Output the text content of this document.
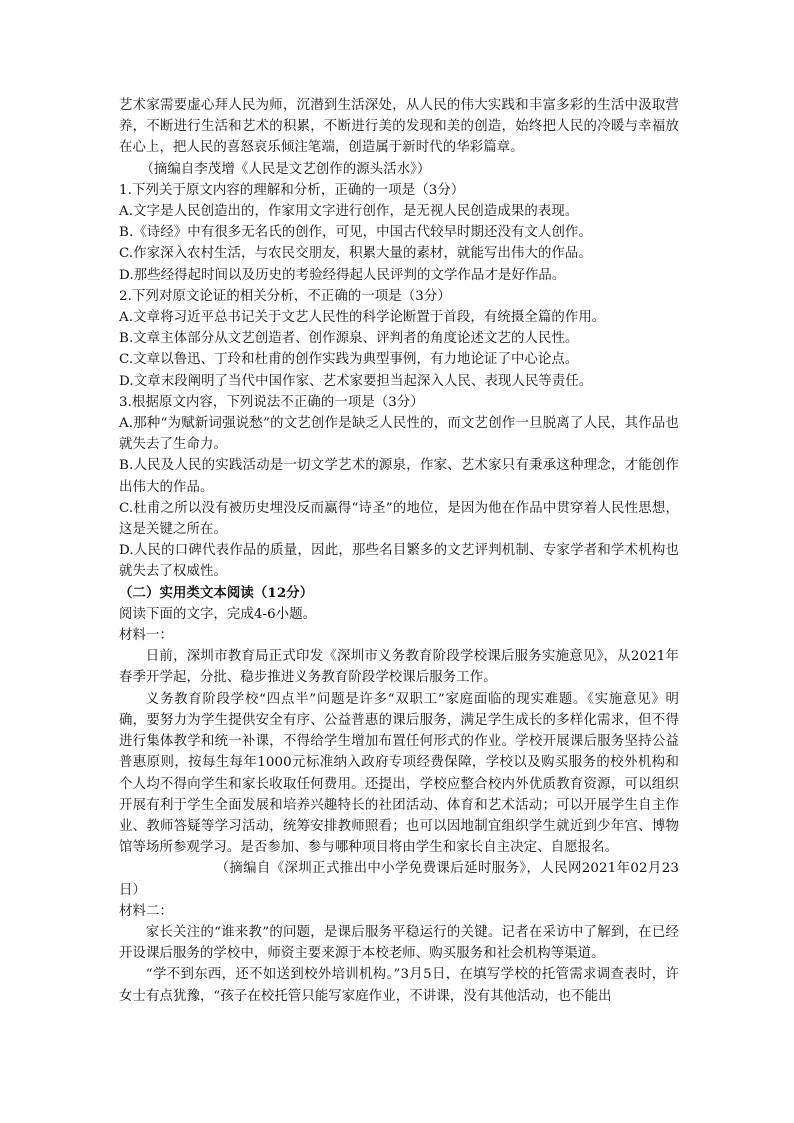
艺术家需要虚心拜人民为师，沉潜到生活深处，从人民的伟大实践和丰富多彩的生活中汲取营养，不断进行生活和艺术的积累，不断进行美的发现和美的创造，始终把人民的冷暖与幸福放在心上，把人民的喜怒哀乐倾注笔端，创造属于新时代的华彩篇章。

（摘编自李茂增《人民是文艺创作的源头活水》）

1.下列关于原文内容的理解和分析，正确的一项是（3分）

A.文字是人民创造出的，作家用文字进行创作，是无视人民创造成果的表现。

B.《诗经》中有很多无名氏的创作，可见，中国古代较早时期还没有文人创作。

C.作家深入农村生活，与农民交朋友，积累大量的素材，就能写出伟大的作品。

D.那些经得起时间以及历史的考验经得起人民评判的文学作品才是好作品。

2.下列对原文论证的相关分析，不正确的一项是（3分）

A.文章将习近平总书记关于文艺人民性的科学论断置于首段，有统摄全篇的作用。

B.文章主体部分从文艺创造者、创作源泉、评判者的角度论述文艺的人民性。

C.文章以鲁迅、丁玲和杜甫的创作实践为典型事例，有力地论证了中心论点。

D.文章末段阐明了当代中国作家、艺术家要担当起深入人民、表现人民等责任。

3.根据原文内容，下列说法不正确的一项是（3分）

A.那种“为赋新词强说愁”的文艺创作是缺乏人民性的，而文艺创作一旦脱离了人民，其作品也就失去了生命力。

B.人民及人民的实践活动是一切文学艺术的源泉，作家、艺术家只有秉承这种理念，才能创作出伟大的作品。

C.杜甫之所以没有被历史埋没反而赢得“诗圣”的地位，是因为他在作品中贯穿着人民性思想，这是关键之所在。

D.人民的口碑代表作品的质量，因此，那些名目繁多的文艺评判机制、专家学者和学术机构也就失去了权威性。

（二）实用类文本阅读（12分）

阅读下面的文字，完成4-6小题。

材料一：

日前，深圳市教育局正式印发《深圳市义务教育阶段学校课后服务实施意见》，从2021年春季开学起，分批、稳步推进义务教育阶段学校课后服务工作。

义务教育阶段学校“四点半”问题是许多“双职工”家庭面临的现实难题。《实施意见》明确，要努力为学生提供安全有序、公益普惠的课后服务，满足学生成长的多样化需求，但不得进行集体教学和统一补课，不得给学生增加布置任何形式的作业。学校开展课后服务坚持公益普惠原则，按每生每年1000元标准纳入政府专项经费保障，学校以及购买服务的校外机构和个人均不得向学生和家长收取任何费用。还提出，学校应整合校内外优质教育资源，可以组织开展有利于学生全面发展和培养兴趣特长的社团活动、体育和艺术活动；可以开展学生自主作业、教师答疑等学习活动，统筹安排教师照看；也可以因地制宜组织学生就近到少年宫、博物馆等场所参观学习。是否参加、参与哪种项目将由学生和家长自主决定、自愿报名。

（摘编自《深圳正式推出中小学免费课后延时服务》，人民网2021年02月23日）

材料二：

家长关注的“谁来教”的问题，是课后服务平稳运行的关键。记者在采访中了解到，在已经开设课后服务的学校中，师资主要来源于本校老师、购买服务和社会机构等渠道。

“学不到东西，还不如送到校外培训机构。”3月5日，在填写学校的托管需求调查表时，许女士有点犹豫，“孩子在校托管只能写家庭作业，不讲课，没有其他活动，也不能出
